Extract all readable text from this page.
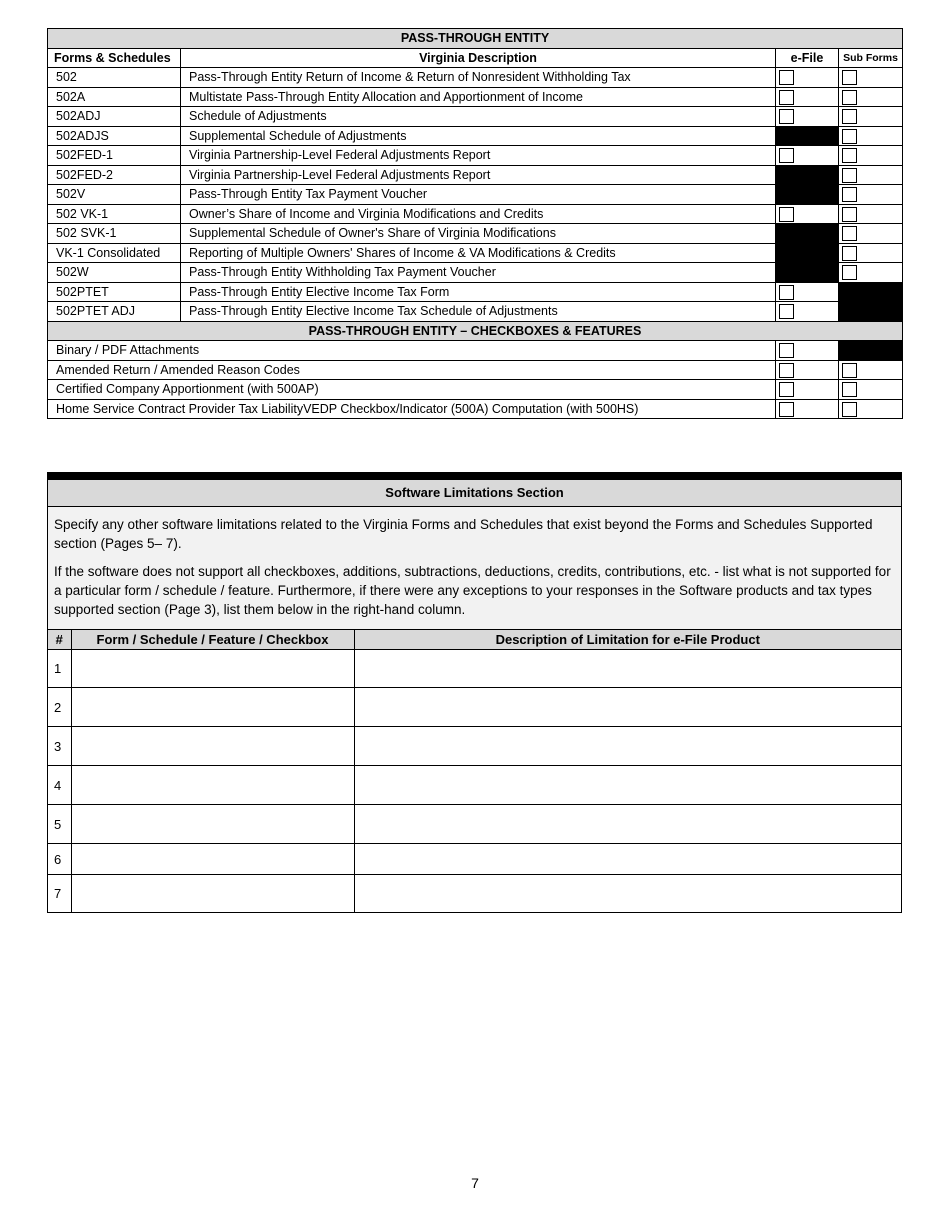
PASS-THROUGH ENTITY			
Forms & Schedules	Virginia Description	e-File	Sub Forms
502	Pass-Through Entity Return of Income & Return of Nonresident Withholding Tax		
502A	Multistate Pass-Through Entity Allocation and Apportionment of Income		
502ADJ	Schedule of Adjustments		
502ADJS	Supplemental Schedule of Adjustments		
502FED-1	Virginia Partnership-Level Federal Adjustments Report		
502FED-2	Virginia Partnership-Level Federal Adjustments Report		
502V	Pass-Through Entity Tax Payment Voucher		
502 VK-1	Owner’s Share of Income and Virginia Modifications and Credits		
502 SVK-1	Supplemental Schedule of Owner's Share of Virginia Modifications		
VK-1 Consolidated	Reporting of Multiple Owners' Shares of Income & VA Modifications & Credits		
502W	Pass-Through Entity Withholding Tax Payment Voucher		
502PTET	Pass-Through Entity Elective Income Tax Form		
502PTET ADJ	Pass-Through Entity Elective Income Tax Schedule of Adjustments		
PASS-THROUGH ENTITY – CHECKBOXES & FEATURES			
Binary / PDF Attachments			
Amended Return / Amended Reason Codes			
Certified Company Apportionment (with 500AP)			
Home Service Contract Provider Tax LiabilityVEDP Checkbox/Indicator (500A) Computation (with 500HS)			
Software Limitations Section

Specify any other software limitations related to the Virginia Forms and Schedules that exist beyond the Forms and Schedules Supported section (Pages 5– 7).

If the software does not support all checkboxes, additions, subtractions, deductions, credits, contributions, etc. - list what is not supported for a particular form / schedule / feature. Furthermore, if there were any exceptions to your responses in the Software products and tax types supported section (Page 3), list them below in the right-hand column.

#	Form / Schedule / Feature / Checkbox	Description of Limitation for e-File Product
1		
2		
3		
4		
5		
6		
7		
7
